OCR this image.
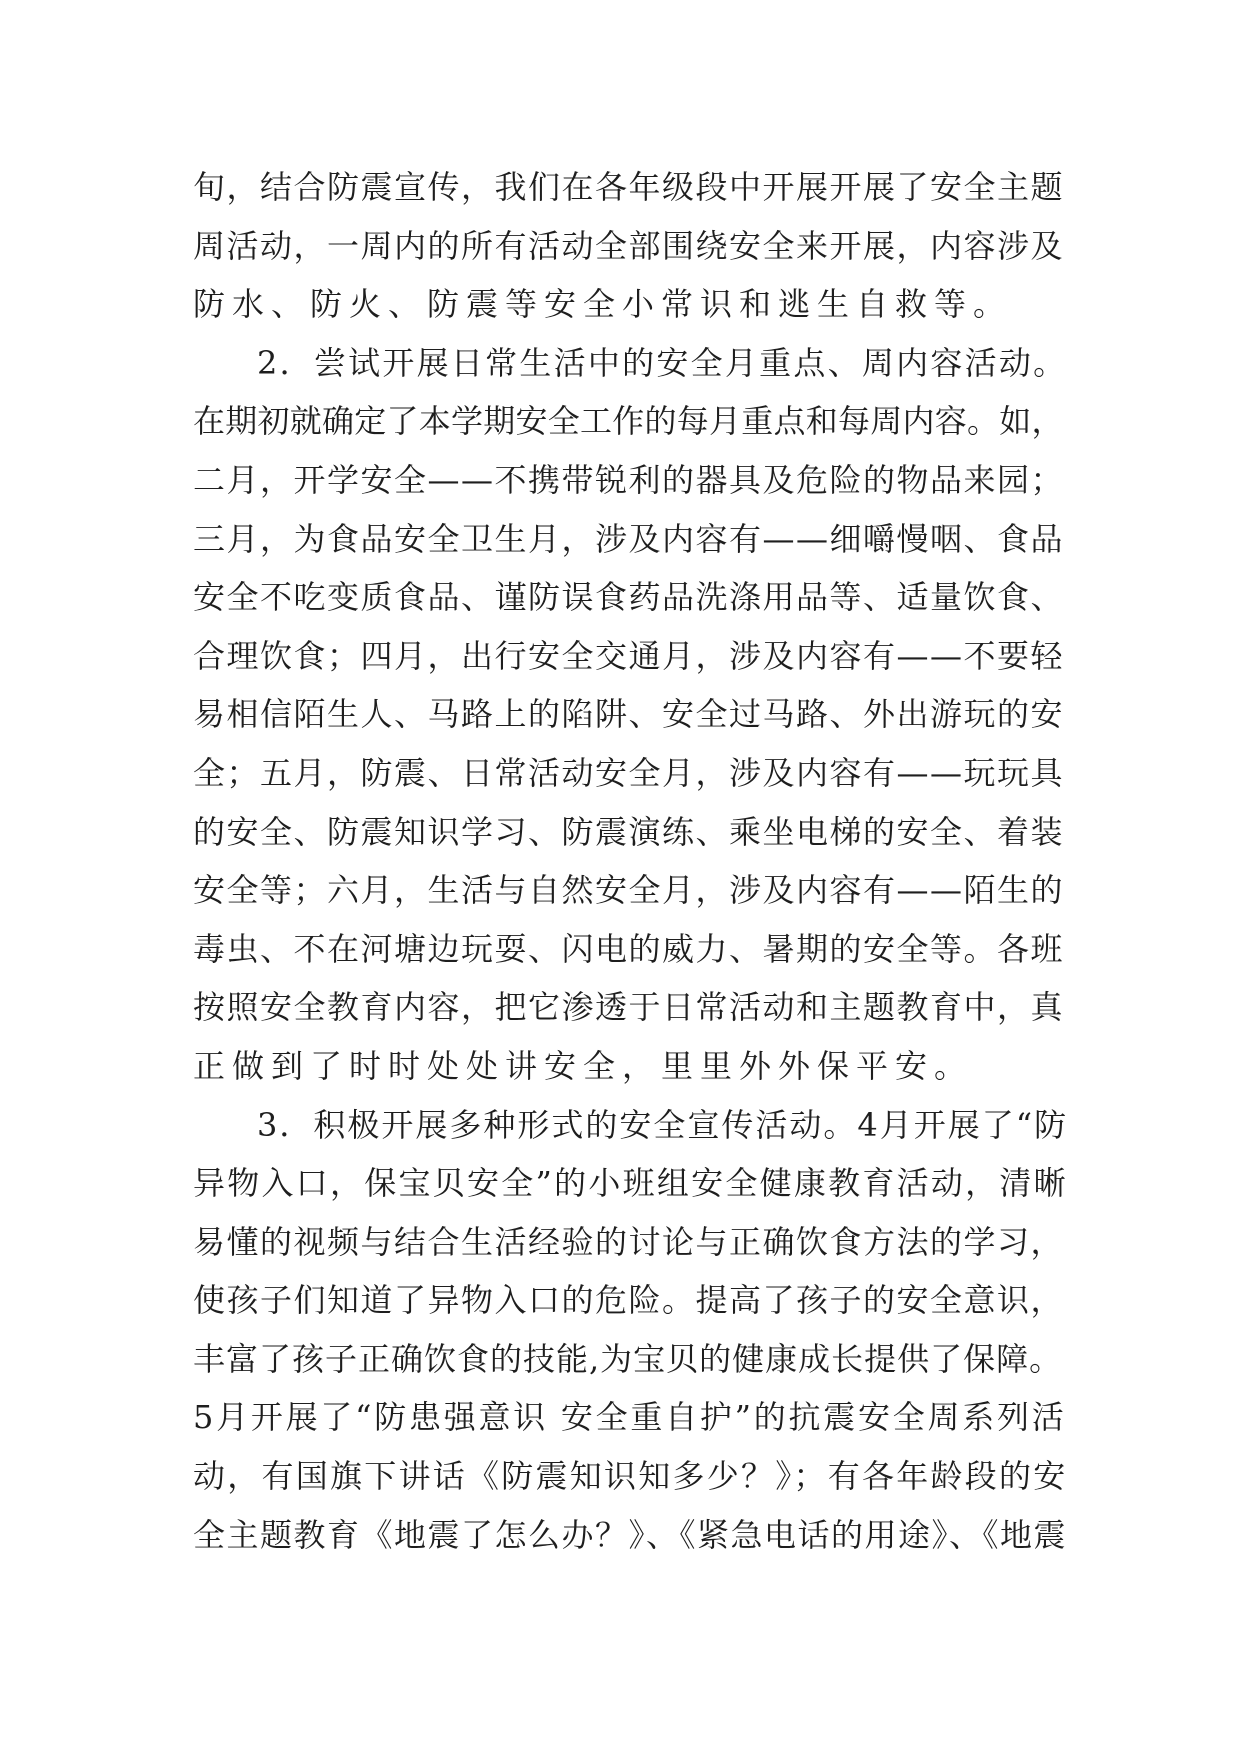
旬，结合防震宣传，我们在各年级段中开展开展了安全主题
周活动，一周内的所有活动全部围绕安全来开展，内容涉及
防水、防火、防震等安全小常识和逃生自救等。
2．尝试开展日常生活中的安全月重点、周内容活动。
在期初就确定了本学期安全工作的每月重点和每周内容。如，
二月，开学安全——不携带锐利的器具及危险的物品来园；
三月，为食品安全卫生月，涉及内容有——细嚼慢咽、食品
安全不吃变质食品、谨防误食药品洗涤用品等、适量饮食、
合理饮食；四月，出行安全交通月，涉及内容有——不要轻
易相信陌生人、马路上的陷阱、安全过马路、外出游玩的安
全；五月，防震、日常活动安全月，涉及内容有——玩玩具
的安全、防震知识学习、防震演练、乘坐电梯的安全、着装
安全等；六月，生活与自然安全月，涉及内容有——陌生的
毒虫、不在河塘边玩耍、闪电的威力、暑期的安全等。各班
按照安全教育内容，把它渗透于日常活动和主题教育中，真
正做到了时时处处讲安全，里里外外保平安。
3．积极开展多种形式的安全宣传活动。4月开展了“防
异物入口，保宝贝安全”的小班组安全健康教育活动，清晰
易懂的视频与结合生活经验的讨论与正确饮食方法的学习，
使孩子们知道了异物入口的危险。提高了孩子的安全意识，
丰富了孩子正确饮食的技能,为宝贝的健康成长提供了保障。
5月开展了“防患强意识 安全重自护”的抗震安全周系列活
动，有国旗下讲话《防震知识知多少？》；有各年龄段的安
全主题教育《地震了怎么办？》、《紧急电话的用途》、《地震
